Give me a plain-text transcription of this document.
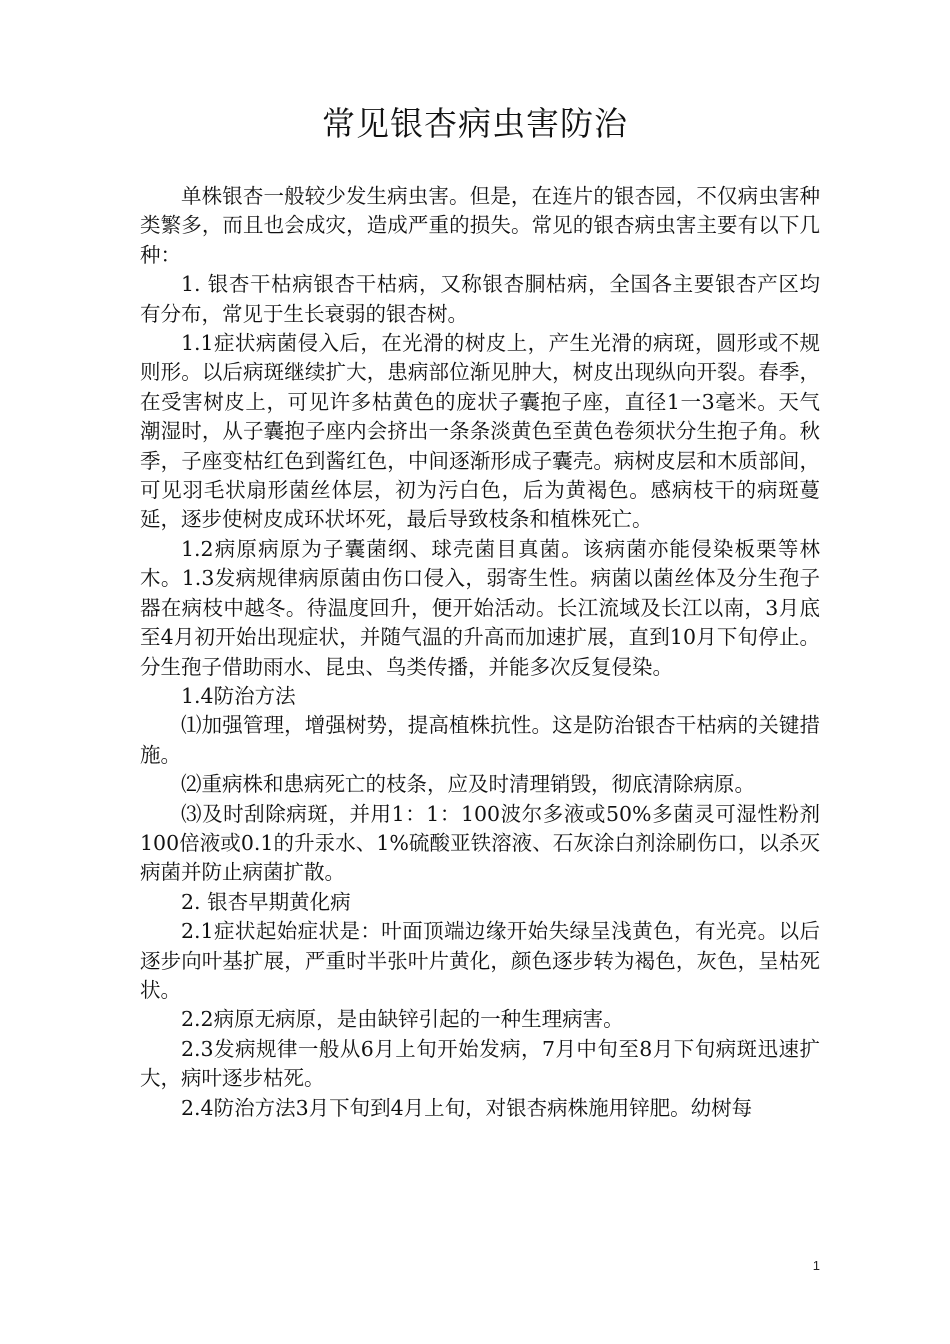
常见银杏病虫害防治

单株银杏一般较少发生病虫害。但是，在连片的银杏园，不仅病虫害种类繁多，而且也会成灾，造成严重的损失。常见的银杏病虫害主要有以下几种：

1. 银杏干枯病银杏干枯病，又称银杏胴枯病，全国各主要银杏产区均有分布，常见于生长衰弱的银杏树。

1.1症状病菌侵入后，在光滑的树皮上，产生光滑的病斑，圆形或不规则形。以后病斑继续扩大，患病部位渐见肿大，树皮出现纵向开裂。春季，在受害树皮上，可见许多枯黄色的庞状子囊抱子座，直径1一3毫米。天气潮湿时，从子囊抱子座内会挤出一条条淡黄色至黄色卷须状分生抱子角。秋季，子座变枯红色到酱红色，中间逐渐形成子囊壳。病树皮层和木质部间，可见羽毛状扇形菌丝体层，初为污白色，后为黄褐色。感病枝干的病斑蔓延，逐步使树皮成环状坏死，最后导致枝条和植株死亡。

1.2病原病原为子囊菌纲、球壳菌目真菌。该病菌亦能侵染板栗等林木。1.3发病规律病原菌由伤口侵入，弱寄生性。病菌以菌丝体及分生孢子器在病枝中越冬。待温度回升，便开始活动。长江流域及长江以南，3月底至4月初开始出现症状，并随气温的升高而加速扩展，直到10月下旬停止。分生孢子借助雨水、昆虫、鸟类传播，并能多次反复侵染。

1.4防治方法

⑴加强管理，增强树势，提高植株抗性。这是防治银杏干枯病的关键措施。

⑵重病株和患病死亡的枝条，应及时清理销毁，彻底清除病原。

⑶及时刮除病斑，并用1：1：100波尔多液或50%多菌灵可湿性粉剂100倍液或0.1的升汞水、1%硫酸亚铁溶液、石灰涂白剂涂刷伤口，以杀灭病菌并防止病菌扩散。

2. 银杏早期黄化病

2.1症状起始症状是：叶面顶端边缘开始失绿呈浅黄色，有光亮。以后逐步向叶基扩展，严重时半张叶片黄化，颜色逐步转为褐色，灰色，呈枯死状。

2.2病原无病原，是由缺锌引起的一种生理病害。

2.3发病规律一般从6月上旬开始发病，7月中旬至8月下旬病斑迅速扩大，病叶逐步枯死。

2.4防治方法3月下旬到4月上旬，对银杏病株施用锌肥。幼树每

1
